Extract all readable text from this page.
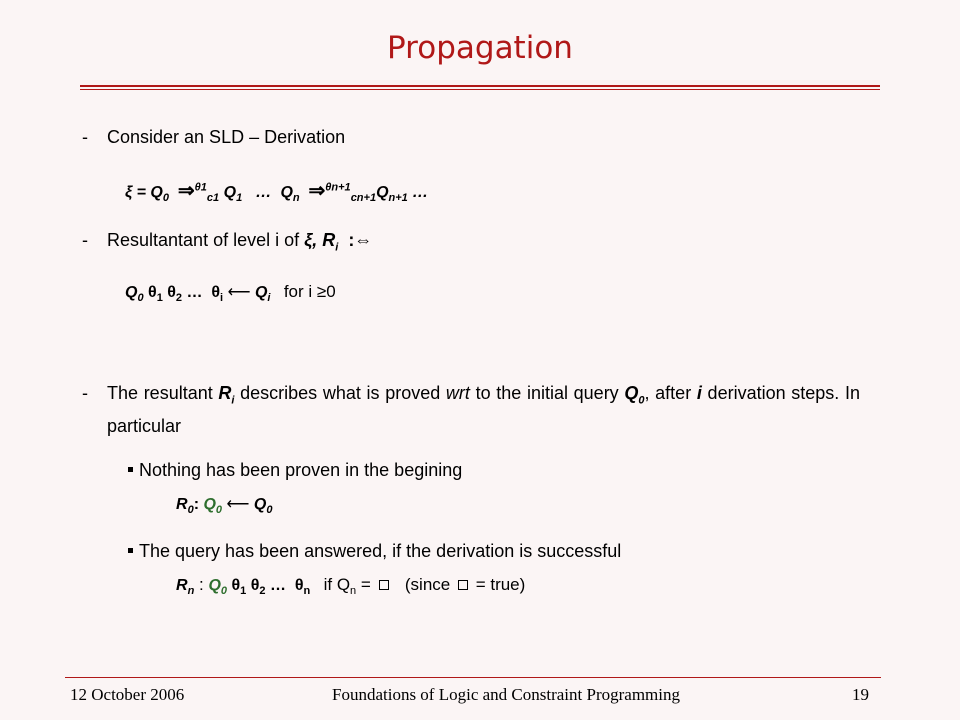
Propagation
- Consider an SLD – Derivation
$\xi = Q_0$ ⇒$^{\theta 1}_{c1}$ $Q_1$ … $Q_n$ $\Rightarrow^{\theta n+1}_{cn+1}Q_{n+1}$ …
- Resultantant of level i of ξ, $R_i$ :⇔
$Q_0$ $\theta_1$ $\theta_2$ … $\theta_i$ ⟵ $Q_i$ for i ≥0
- The resultant $R_i$ describes what is proved wrt to the initial query $Q_0$, after i derivation steps. In particular
Nothing has been proven in the begining
$R_0$: $Q_0$ ⟵ $Q_0$
The query has been answered, if the derivation is successful
$R_n$ : $Q_0$ $\theta_1$ $\theta_2$ … $\theta_n$ if $Q_n$ =    (since  = true)
12 October 2006	Foundations of Logic and Constraint Programming	19
